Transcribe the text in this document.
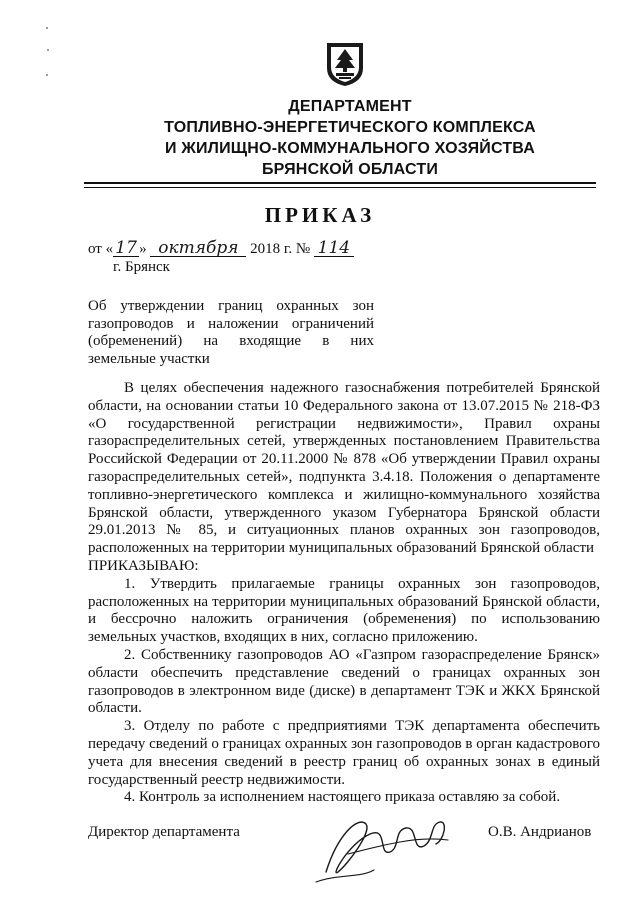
ДЕПАРТАМЕНТ
ТОПЛИВНО-ЭНЕРГЕТИЧЕСКОГО КОМПЛЕКСА
И ЖИЛИЩНО-КОММУНАЛЬНОГО ХОЗЯЙСТВА
БРЯНСКОЙ ОБЛАСТИ
ПРИКАЗ
от « 17 » октября 2018 г. № 114
г. Брянск
Об утверждении границ охранных зон газопроводов и наложении ограничений (обременений) на входящие в них земельные участки

В целях обеспечения надежного газоснабжения потребителей Брянской области, на основании статьи 10 Федерального закона от 13.07.2015 № 218-ФЗ «О государственной регистрации недвижимости», Правил охраны газораспределительных сетей, утвержденных постановлением Правительства Российской Федерации от 20.11.2000 № 878 «Об утверждении Правил охраны газораспределительных сетей», подпункта 3.4.18. Положения о департаменте топливно-энергетического комплекса и жилищно-коммунального хозяйства Брянской области, утвержденного указом Губернатора Брянской области 29.01.2013 № 85, и ситуационных планов охранных зон газопроводов, расположенных на территории муниципальных образований Брянской области

ПРИКАЗЫВАЮ:

1. Утвердить прилагаемые границы охранных зон газопроводов, расположенных на территории муниципальных образований Брянской области, и бессрочно наложить ограничения (обременения) по использованию земельных участков, входящих в них, согласно приложению.

2. Собственнику газопроводов АО «Газпром газораспределение Брянск» области обеспечить представление сведений о границах охранных зон газопроводов в электронном виде (диске) в департамент ТЭК и ЖКХ Брянской области.

3. Отделу по работе с предприятиями ТЭК департамента обеспечить передачу сведений о границах охранных зон газопроводов в орган кадастрового учета для внесения сведений в реестр границ об охранных зонах в единый государственный реестр недвижимости.

4. Контроль за исполнением настоящего приказа оставляю за собой.

Директор департамента	О.В. Андрианов
